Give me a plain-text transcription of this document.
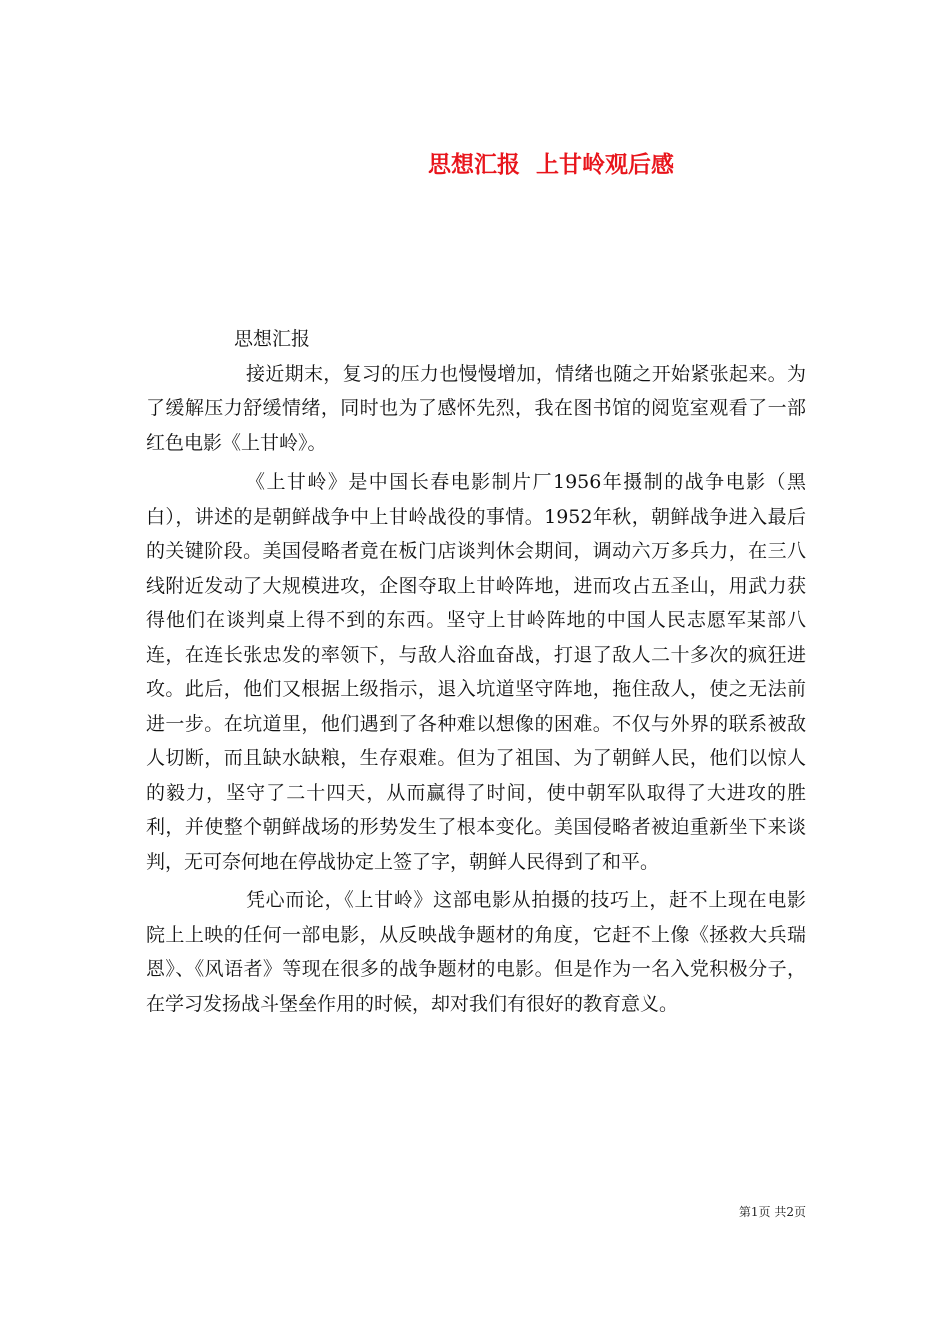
思想汇报  上甘岭观后感

思想汇报

接近期末，复习的压力也慢慢增加，情绪也随之开始紧张起来。为了缓解压力舒缓情绪，同时也为了感怀先烈，我在图书馆的阅览室观看了一部红色电影《上甘岭》。

《上甘岭》是中国长春电影制片厂1956年摄制的战争电影（黑白），讲述的是朝鲜战争中上甘岭战役的事情。1952年秋，朝鲜战争进入最后的关键阶段。美国侵略者竟在板门店谈判休会期间，调动六万多兵力，在三八线附近发动了大规模进攻，企图夺取上甘岭阵地，进而攻占五圣山，用武力获得他们在谈判桌上得不到的东西。坚守上甘岭阵地的中国人民志愿军某部八连，在连长张忠发的率领下，与敌人浴血奋战，打退了敌人二十多次的疯狂进攻。此后，他们又根据上级指示，退入坑道坚守阵地，拖住敌人，使之无法前进一步。在坑道里，他们遇到了各种难以想像的困难。不仅与外界的联系被敌人切断，而且缺水缺粮，生存艰难。但为了祖国、为了朝鲜人民，他们以惊人的毅力，坚守了二十四天，从而赢得了时间，使中朝军队取得了大进攻的胜利，并使整个朝鲜战场的形势发生了根本变化。美国侵略者被迫重新坐下来谈判，无可奈何地在停战协定上签了字，朝鲜人民得到了和平。

凭心而论，《上甘岭》这部电影从拍摄的技巧上，赶不上现在电影院上上映的任何一部电影，从反映战争题材的角度，它赶不上像《拯救大兵瑞恩》、《风语者》等现在很多的战争题材的电影。但是作为一名入党积极分子，在学习发扬战斗堡垒作用的时候，却对我们有很好的教育意义。

第1页 共2页
